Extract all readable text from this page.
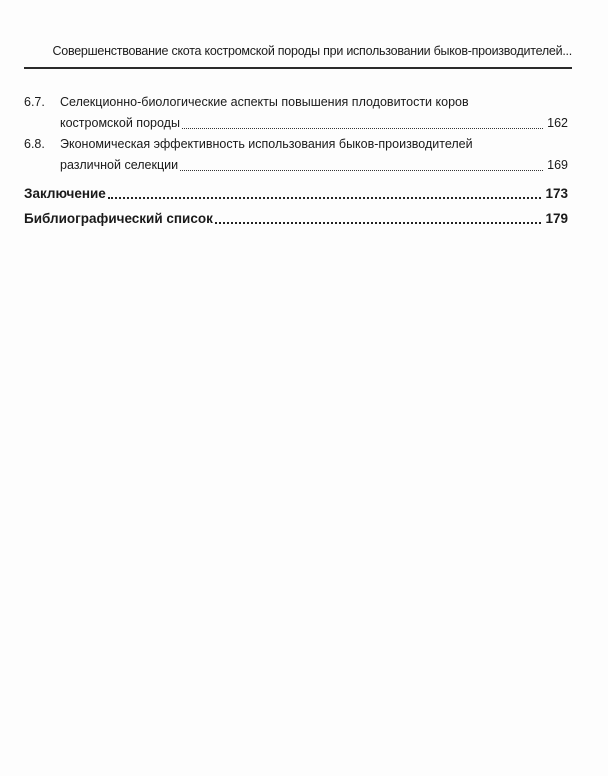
Совершенствование скота костромской породы при использовании быков-производителей...
6.7.	Селекционно-биологические аспекты повышения плодовитости коров
костромской породы	162
6.8.	Экономическая эффективность использования быков-производителей
различной селекции	169
Заключение	173
Библиографический список	179
